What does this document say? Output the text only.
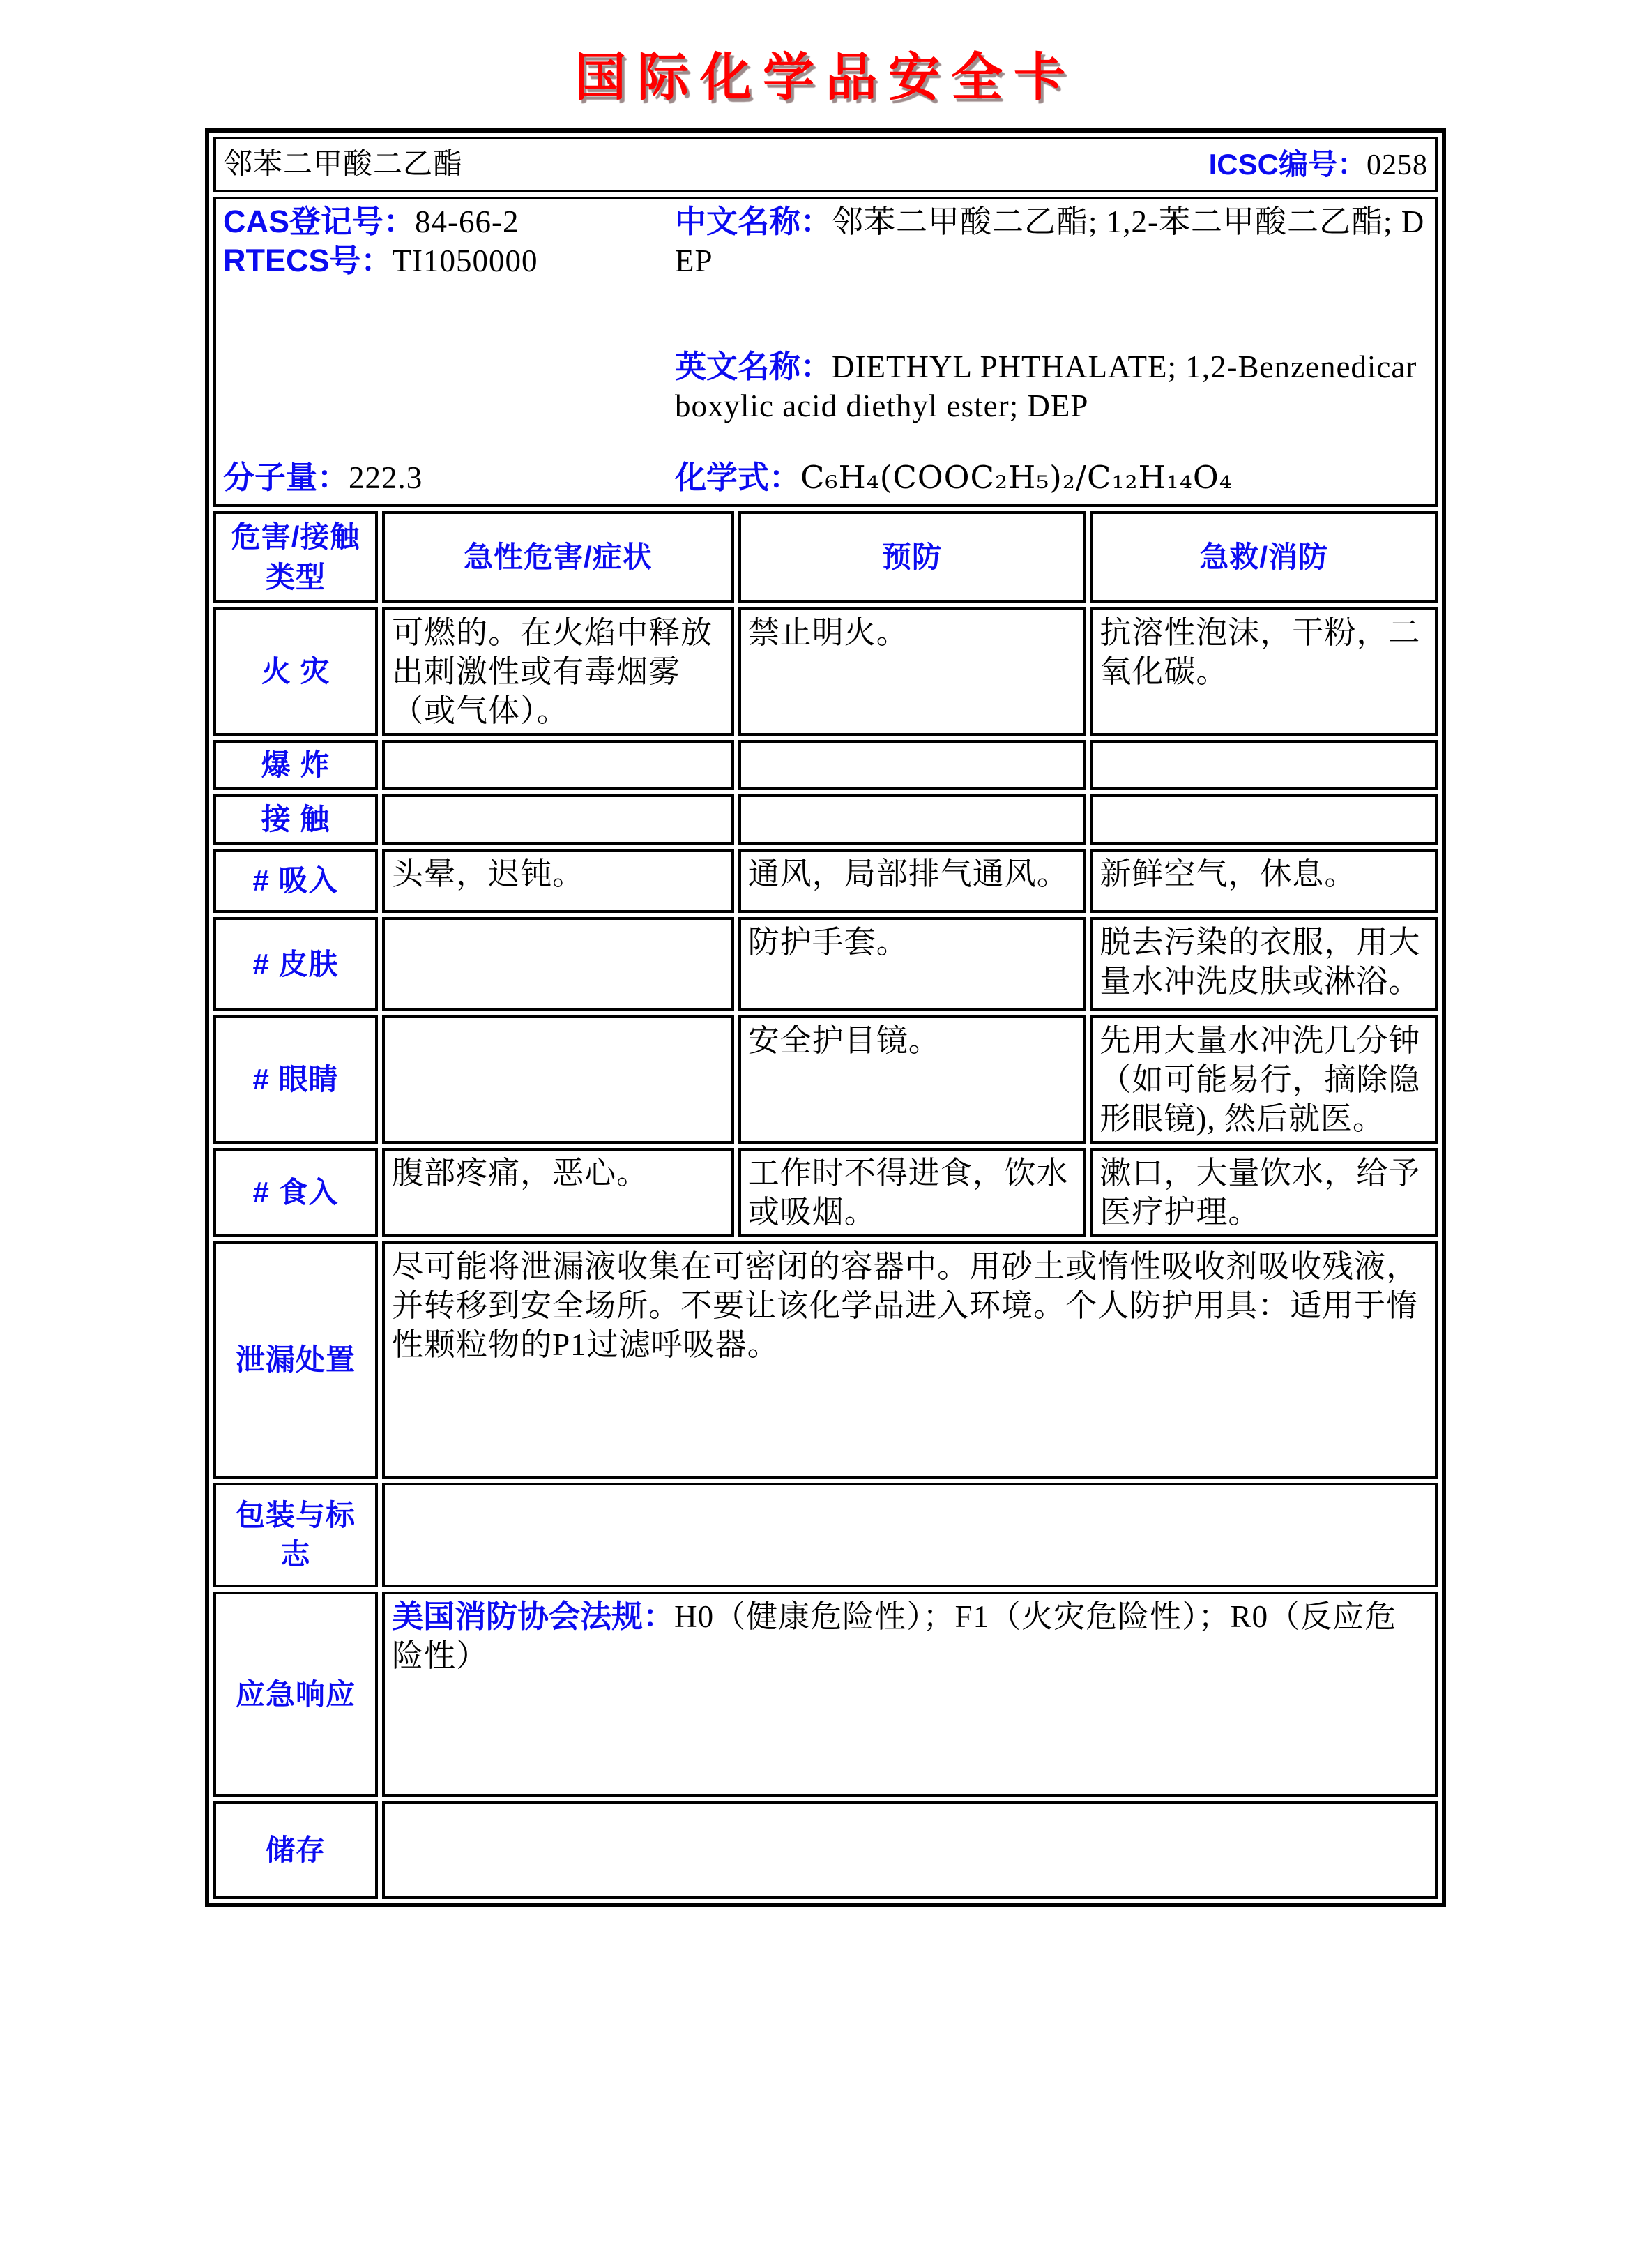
国际化学品安全卡
邻苯二甲酸二乙酯 ICSC编号：0258			

CAS登记号：84-66-2
RTECS号：TI1050000
中文名称：邻苯二甲酸二乙酯; 1,2-苯二甲酸二乙酯; DEP
英文名称：DIETHYL PHTHALATE; 1,2-Benzenedicarboxylic acid diethyl ester; DEP
分子量：222.3	化学式：C₆H₄(COOC₂H₅)₂/C₁₂H₁₄O₄

危害/接触类型	急性危害/症状	预防	急救/消防
火 灾	可燃的。在火焰中释放出刺激性或有毒烟雾（或气体）。	禁止明火。	抗溶性泡沫，干粉，二氧化碳。
爆 炸			
接 触			
# 吸入	头晕，迟钝。	通风，局部排气通风。	新鲜空气，休息。
# 皮肤		防护手套。	脱去污染的衣服，用大量水冲洗皮肤或淋浴。
# 眼睛		安全护目镜。	先用大量水冲洗几分钟（如可能易行，摘除隐形眼镜), 然后就医。
# 食入	腹部疼痛，恶心。	工作时不得进食，饮水或吸烟。	漱口，大量饮水，给予医疗护理。
泄漏处置	尽可能将泄漏液收集在可密闭的容器中。用砂土或惰性吸收剂吸收残液，并转移到安全场所。不要让该化学品进入环境。个人防护用具：适用于惰性颗粒物的P1过滤呼吸器。		
包装与标志			
应急响应	美国消防协会法规：H0（健康危险性）；F1（火灾危险性）；R0（反应危险性）		
储存			
